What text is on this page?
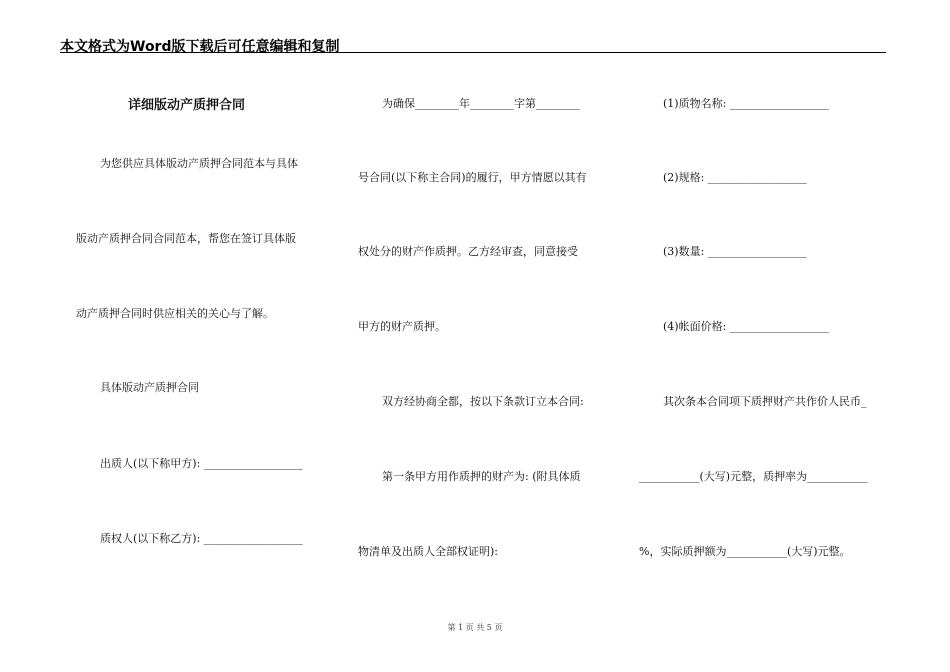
本文格式为Word版下载后可任意编辑和复制
详细版动产质押合同
为您供应具体版动产质押合同范本与具体
版动产质押合同合同范本，帮您在签订具体版
动产质押合同时供应相关的关心与了解。
具体版动产质押合同
出质人(以下称甲方): __________________
质权人(以下称乙方): __________________
为确保________年________字第________
号合同(以下称主合同)的履行，甲方情愿以其有
权处分的财产作质押。乙方经审查，同意接受
甲方的财产质押。
双方经协商全都，按以下条款订立本合同:
第一条甲方用作质押的财产为: (附具体质
物清单及出质人全部权证明):
(1)质物名称: __________________
(2)规格: __________________
(3)数量: __________________
(4)帐面价格: __________________
其次条本合同项下质押财产共作价人民币_
___________(大写)元整，质押率为___________
%，实际质押额为___________(大写)元整。
第 1 页 共 5 页
